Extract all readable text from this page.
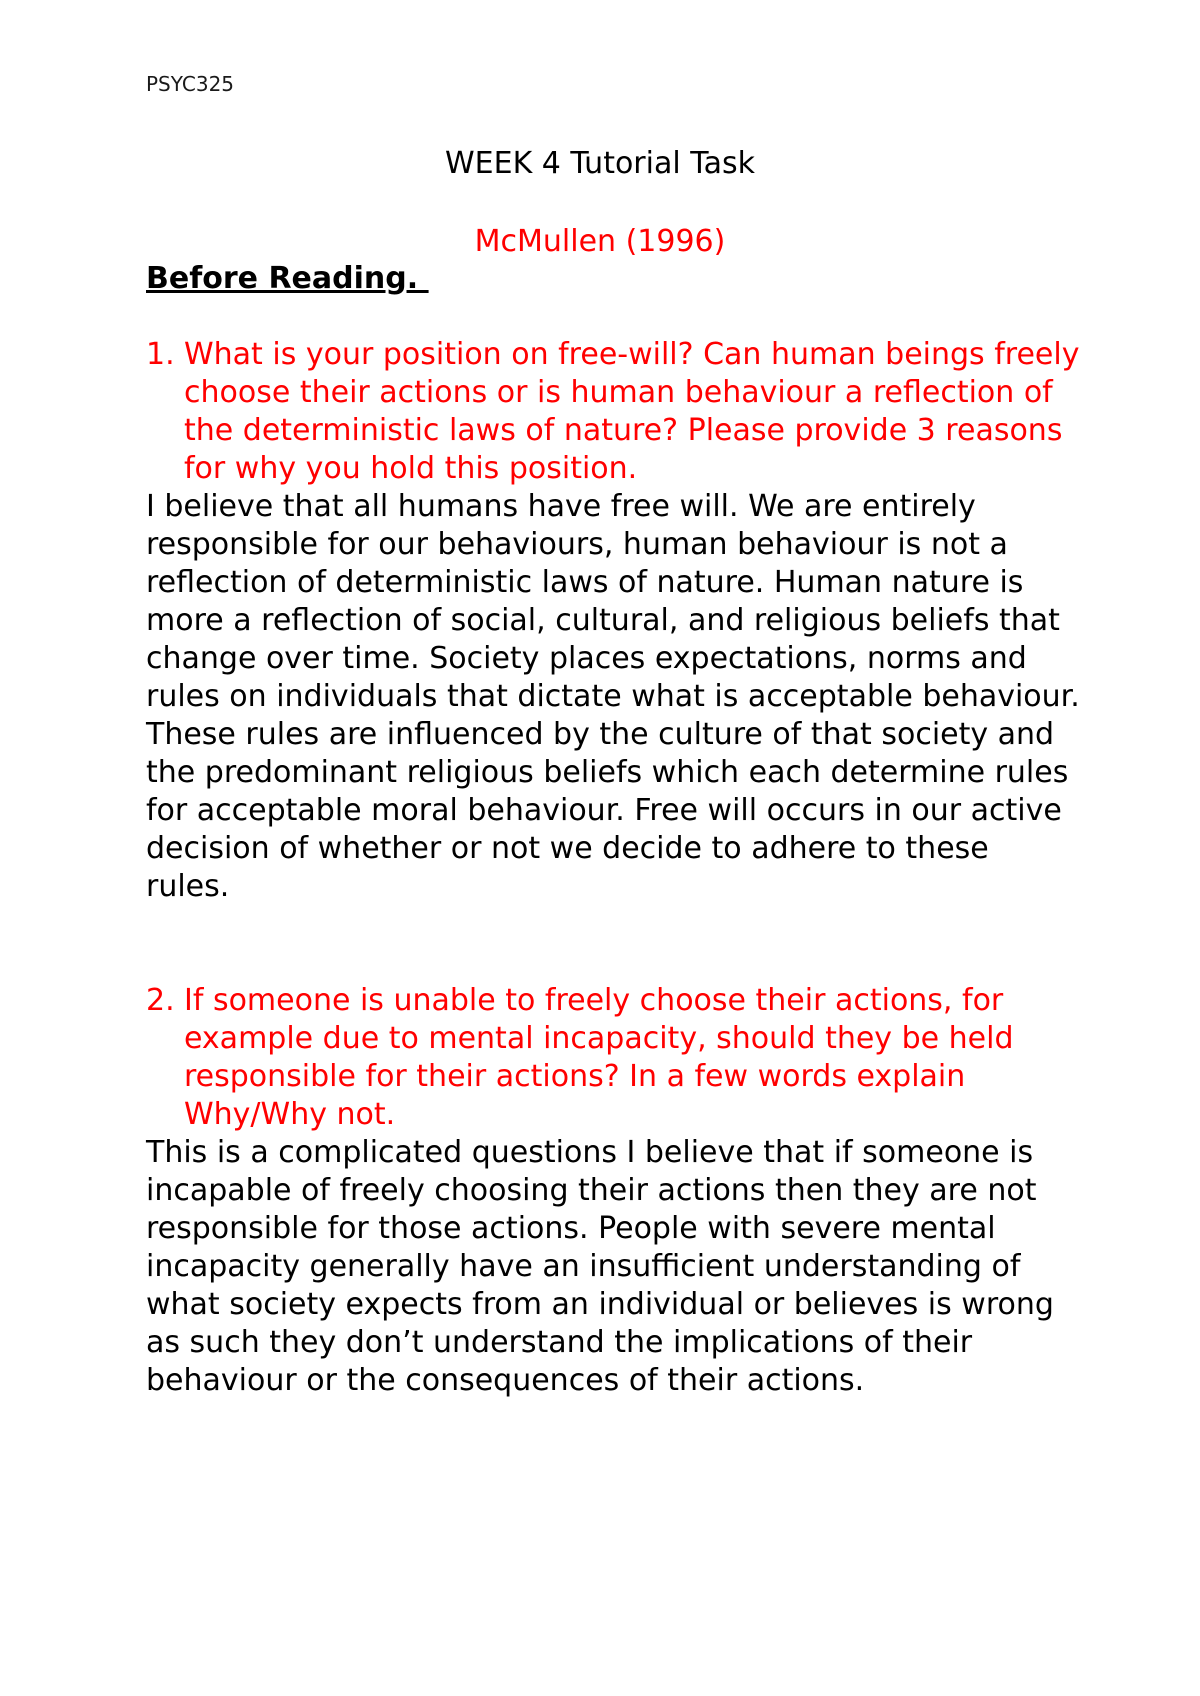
PSYC325
WEEK 4 Tutorial Task
McMullen (1996)
Before Reading.
1. What is your position on free-will? Can human beings freely choose their actions or is human behaviour a reflection of the deterministic laws of nature? Please provide 3 reasons for why you hold this position.
I believe that all humans have free will. We are entirely responsible for our behaviours, human behaviour is not a reflection of deterministic laws of nature. Human nature is more a reflection of social, cultural, and religious beliefs that change over time. Society places expectations, norms and rules on individuals that dictate what is acceptable behaviour. These rules are influenced by the culture of that society and the predominant religious beliefs which each determine rules for acceptable moral behaviour. Free will occurs in our active decision of whether or not we decide to adhere to these rules.
2. If someone is unable to freely choose their actions, for example due to mental incapacity, should they be held responsible for their actions? In a few words explain Why/Why not.
This is a complicated questions I believe that if someone is incapable of freely choosing their actions then they are not responsible for those actions. People with severe mental incapacity generally have an insufficient understanding of what society expects from an individual or believes is wrong as such they don’t understand the implications of their behaviour or the consequences of their actions.
